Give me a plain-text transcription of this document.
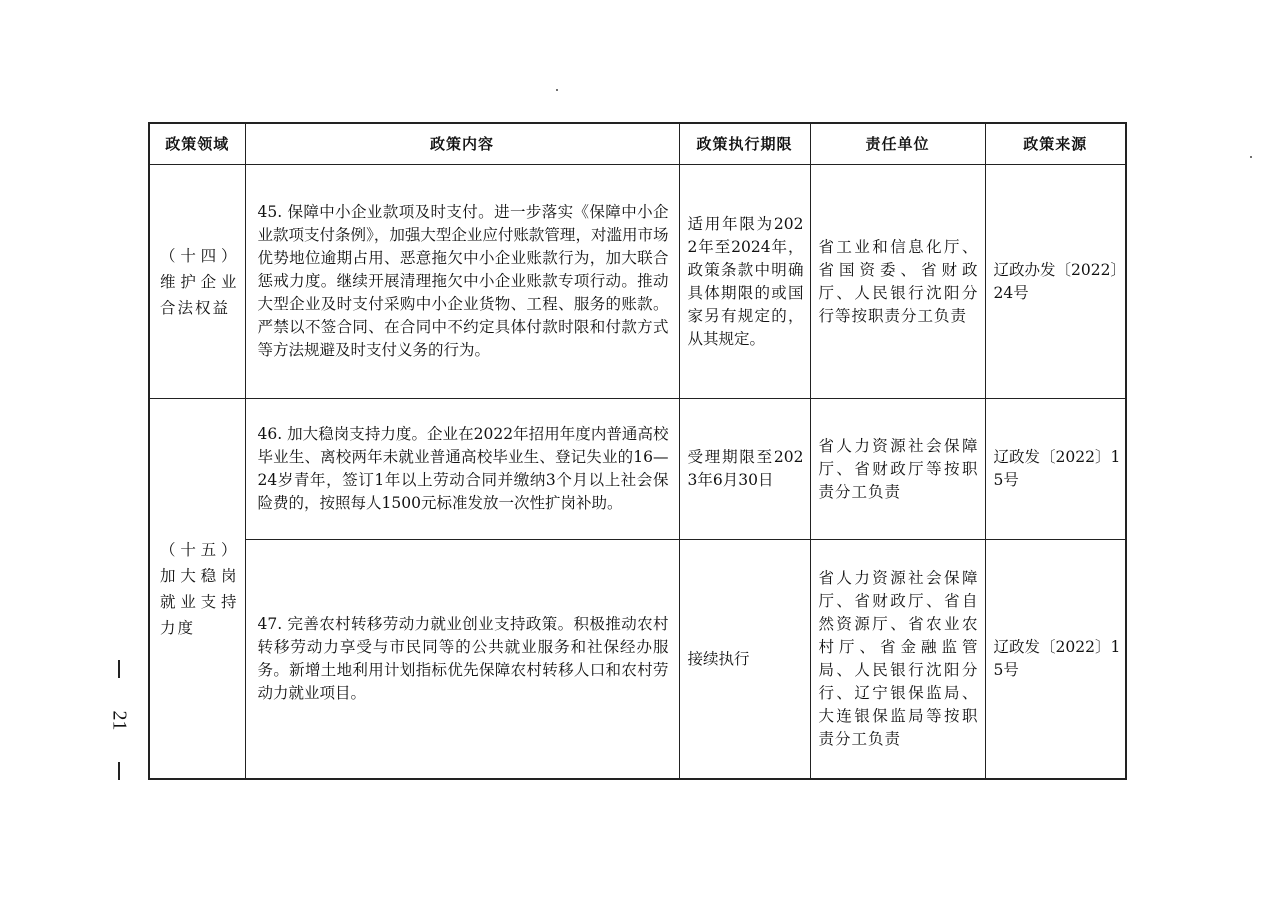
政策领域	政策内容	政策执行期限	责任单位	政策来源
（十四）维护企业合法权益	45. 保障中小企业款项及时支付。进一步落实《保障中小企业款项支付条例》，加强大型企业应付账款管理，对滥用市场优势地位逾期占用、恶意拖欠中小企业账款行为，加大联合惩戒力度。继续开展清理拖欠中小企业账款专项行动。推动大型企业及时支付采购中小企业货物、工程、服务的账款。严禁以不签合同、在合同中不约定具体付款时限和付款方式等方法规避及时支付义务的行为。	适用年限为2022年至2024年，政策条款中明确具体期限的或国家另有规定的，从其规定。	省工业和信息化厅、省国资委、省财政厅、人民银行沈阳分行等按职责分工负责	辽政办发〔2022〕24号
（十五）加大稳岗就业支持力度	46. 加大稳岗支持力度。企业在2022年招用年度内普通高校毕业生、离校两年未就业普通高校毕业生、登记失业的16—24岁青年，签订1年以上劳动合同并缴纳3个月以上社会保险费的，按照每人1500元标准发放一次性扩岗补助。	受理期限至2023年6月30日	省人力资源社会保障厅、省财政厅等按职责分工负责	辽政发〔2022〕15号
	47. 完善农村转移劳动力就业创业支持政策。积极推动农村转移劳动力享受与市民同等的公共就业服务和社保经办服务。新增土地利用计划指标优先保障农村转移人口和农村劳动力就业项目。	接续执行	省人力资源社会保障厅、省财政厅、省自然资源厅、省农业农村厅、省金融监管局、人民银行沈阳分行、辽宁银保监局、大连银保监局等按职责分工负责	辽政发〔2022〕15号
21
